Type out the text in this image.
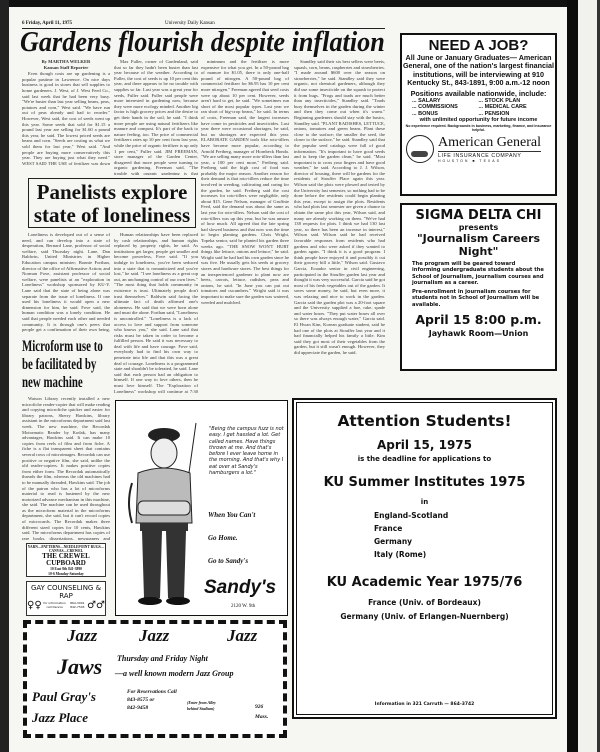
6 Friday, April 11, 1975	University Daily Kansan
Gardens flourish despite inflation

By MARTHA WELKER

Kansan Staff Reporter

Even though costs are up gardening is a popular pastime in Lawrence. On nice days business is good in stores that sell supplies to home gardeners. J. West, of J. West Feed Co., said last week that he had been very busy. "We're busier than last year selling beans, peas, potatoes and corn," West said. "We have run out of peas already and had to reorder." However, West said, the cost of seeds went up this year. Some seeds that sold for $1.15 a pound last year are selling for $1.60 a pound this year, he said. The lowest priced seeds are beans and corn. "Seeds are costing us what we sold them for last year," West said. "And people are buying more conservatively this year. They are buying just what they need." WEST SAID THE USE of fertilizer was down

Max Fuller, owner of Gardenland, said that so far they hadn't been busier than last year because of the weather. According to Fuller, the cost of seeds is up 10 per cent this year, and there appears to be no trouble with supplies so far. Last year was a great year for seeds, Fuller said. Fuller said people were more interested in gardening now, because they were more ecology minded. Another big factor is high grocery prices and the desire to get their hands in the soil, he said. "I think more people are using natural fertilizers like manure and compost. It's part of the back to nature feeling, too. The price of commercial fertilizers rates up 10 per cent from last year, while the price of organic fertilizer is up only 1 per cent," Fuller said. JIM FREEMAN, store manager of the Garden Center, disagreed that more people were turning to organic gardening. Freeman said, "The trouble with organic gardening is that

minimum and the fertilizer is more expensive for what you get. In a 50-pound bag of manure for $1.05, there is only one-half pound of nitrogen. A 50-pound bag of commercial fertilizer for $6.95 has 10 per cent more nitrogen." Freeman agreed that seed costs were up about 10 per cent. However, seeds aren't hard to get, he said. "We sometimes run short of the most popular types. Last year we ran short of big-crop beans," he said. In terms of costs, Freeman said, the largest increases have come in pesticides and insecticides. Last year there were occasional shortages, he said, but no shortages are expected this year. ELABORATE GARDEN tools like roto-tillers have become more popular, according to Arnold Freiberg, manager of Hornbeck Honda. "We are selling many more roto-tillers than last year, a 100 per cent more," Freiberg said. Freiberg said the high cost of food was probably the major reason. Another reason for their demand is that roto-tillers reduce the time involved in weeding, cultivating and caring for the garden, he said. Freiberg said the cost increases for roto-tillers were negligible, only about $15. Gene Nelson, manager of Gruffnie Feed, said the demand was about the same as last year for roto-tillers. Nelson said the cost of roto-tillers was up this year, but he was unsure of how much. All agreed that the late spring had slowed business and that now was the time to begin planting gardens. Chris Wright, Topeka senior, said he planted his garden three weeks ago. "THE SNOW WON'T HURT things like lettuce, onions and lettuce," he said. Wright said he had had his own garden since he was five. He usually gets his seeds at grocery stores and hardware stores. The best things for an inexperienced gardener to plant now are beets, carrots, lettuce, radishes, peas and onions, he said. "In June you can put out tomatoes and cucumbers." Wright said it was important to make sure the garden was watered, weeded and mulched.

Standley said their six best sellers were beets, squash, corn, beans, raspberries and strawberries. "I made around $600 over the season on strawberries," he said. Standley said they were organic, not chemical gardeners, although they did use some insecticide on the squash to protect it from bugs. "Frogs and toads are much better than any insecticides," Standley said. "Toads bury themselves in the garden during the winter and then they come out when it's warm." Beginning gardeners should stay with the basics, Standley said. "PLANT RADISHES, LETTUCE, onions, tomatoes and green beans. Plant these close to the surface; the smaller the seed, the closer to the surface," he said. Standley said that the popular seed catalogs were full of good information. "It's important to have good seeds and to keep the garden clean," he said. "Most important is to cross your fingers and have good weather," he said. According to J. J. Wilson, director of housing, there will be gardens for the residents of Stouffer Place again this year. Wilson said the plots were plowed and tested by the University last semester, so nothing had to be done before the residents could begin planting this year, except to assign the plots. Residents who had plots last semester are given a chance to obtain the same plot this year, Wilson said, and many are already working on them. "We've had 138 requests for plots. I think we had 130 last year, so there has been an increase in interest," Wilson said. Wilson said he had received favorable responses from residents who had gardens and who were asked if they wanted to garden again. "I think it is a good program. I think people have enjoyed it and possibly it cut their grocery bill a little," Wilson said. Gustavo Garcia, Ecuador senior in civil engineering, participated in the Stouffer garden last year and thought it was very successful. Garcia said he got most of his fresh vegetables out of the garden. It saves some money, he said, but even more, it was relaxing and nice to work in the garden. Garcia said the garden plot was a 20-foot square and the University supplied a hoe, rake, spade and water hoses. "They put water hoses all over so there was always enough water," Garcia said. El Hwan Kim, Korean graduate student, said he had one of the plots at Stouffer last year and it had financially helped his family a little. Kim said they got most of their vegetables from the garden, but it still wasn't enough. However, they did appreciate the garden, he said.

Panelists explore
state of loneliness

Loneliness is developed out of a sense of need, and can develop into a state of desperation, Bernard Lane, professor of social welfare, said Thursday night. Lane, Dan Baldwin, United Ministries in Higher Education campus minister; Bonnie Forthan, director of the office of Affirmative Action; and Norman Fove, assistant professor of social welfare, were panelists at an "exploration in Loneliness" workshop sponsored by KU-Y. Lane said that the state of being alone was separate from the issue of loneliness. If one used his loneliness it would open a new dimension for him, he said. Fove said, the human condition was a lonely condition. He said that people needed each other and needed community. It is through one's peers that people get a confirmation of their own being,

Human relationships have been replaced by cash relationships, and human rights replaced by property rights, he said. As institutions get larger, people get smaller and become powerless, Fove said. "If you indulge in loneliness, you've been seduced into a state that is romanticized and you've lost," he said. "I see loneliness as a great cop out, an unchanging control of our own lives." "The most thing that holds community in existence is trust. Ultimately people don't trust themselves." Baldwin said facing the ultimate fact of death affirmed one's aloneness. He said that we were born alone and must die alone. Forthan said, "Loneliness is uncontrolled." "Loneliness is a lack of access to love and support from someone who knows you," she said. Lane said that risks must be taken in order to become a fulfilled person. He said it was necessary to deal with life and have courage. Fove said, everybody had to find his own way to penetrate into life and that this was a great deal of courage. Loneliness is a programmed state and shouldn't be tolerated, he said. Lane said that each person had an obligation to himself. If one way to love others, then he must love himself. The "Exploration of Loneliness" workshop will continue at 7:30

Microform use to be facilitated by new machine

Watson Library recently installed a new microfiche reader-copier that will make reading and copying microfiche quicker and easier for library patrons, Sherry Hawkins, library assistant in the microforms department said last week. The new machine, the Recordak Motormatic Reader by Kodak, has many advantages, Hawkins said. It can make 10 copies from reels of film and from fiche. A fiche is a flat transparent sheet that contains several rows of microimages. Recordak can use positive or negative film, she said, unlike the old reader-copiers. It makes positive copies from either form. The Recordak automatically threads the film, whereas the old machines had to be manually threaded, Hawkins said. The job of the patron who has a lot of microforms material to read is hastened by the new motorized advance mechanism in this machine, she said. The machine can be used throughout as the microform material in the microforms department, she said, but it can't record copies of microcards. The Recordak makes three different sized copies for 10 cents, Hawkins said. The microforms department has copies of rare books, dissertations, newspapers and

YARN—PATTERNS—NEEDLEPOINT RUGS—CANVAS—CREWEL
THE CREWEL CUPBOARD
10 East 8th 841-3890
10-6 Monday-Saturday
GAY COUNSELING & RAP
♀♀ for information call Dennis
864-3091 842-7505 ♂♂
"Being the campus fuzz is not easy. I get hassled a lot. Get called names. Have things thrown at me. And that's before I ever leave home in the morning. And that's why I eat over at Sandy's hamburgers a lot."
When You Can't
Go Home.
Go to Sandy's
Sandy's
2120 W. 9th
Jazz
Jaws
Paul Gray's
Jazz Place
Jazz	Jazz
Thursday and Friday Night
—a well known modern Jazz Group
For Reservations Call
843-8575 or
842-9458
(Enter from Alley behind Stadium)	926
Mass.
NEED A JOB?
All June or January Graduates— American General, one of the nation's largest financial institutions, will be interviewing at 910 Kentucky St., 843-1891, 9:00 a.m.-12 noon
Positions available nationwide, include:
... SALARY	... STOCK PLAN
... COMMISSIONS	... MEDICAL CARE
... BONUS	... PENSION
with unlimited opportunity for future income
No experience required. Backgrounds in business, marketing, finance, and insurance helpful.
American General
LIFE INSURANCE COMPANY
HOUSTON ■ TEXAS
SIGMA DELTA CHI
presents
"Journalism Careers Night"
The program will be geared toward informing undergraduate students about the School of Journalism, journalism courses and journalism as a career.
Pre-enrollment in journalism courses for students not in School of Journalism will be available.
April 15 8:00 p.m.
Jayhawk Room—Union
Attention Students!
April 15, 1975
is the deadline for applications to
KU Summer Institutes 1975
in
England-Scotland
France
Germany
Italy (Rome)
KU Academic Year 1975/76
France (Univ. of Bordeaux)
Germany (Univ. of Erlangen-Nuernberg)
Information in 321 Carruth — 864-3742
